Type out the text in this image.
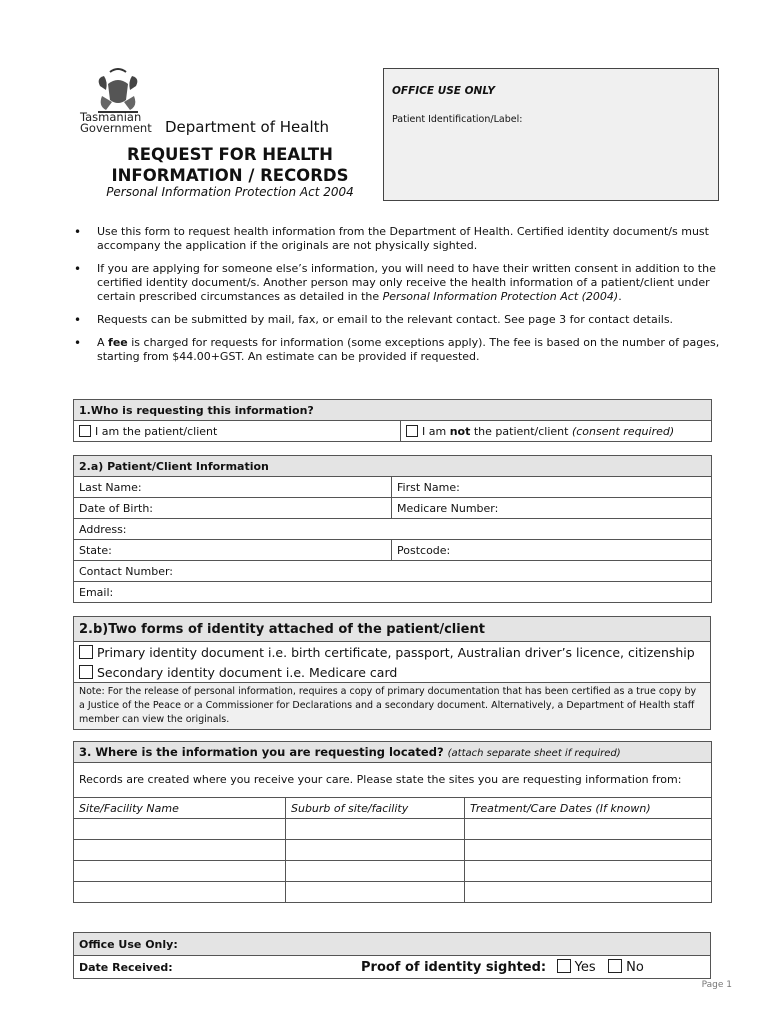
Tasmanian
Government Department of Health
REQUEST FOR HEALTH
INFORMATION / RECORDS
Personal Information Protection Act 2004
OFFICE USE ONLY
Patient Identification/Label:
• Use this form to request health information from the Department of Health. Certified identity document/s must accompany the application if the originals are not physically sighted.
• If you are applying for someone else’s information, you will need to have their written consent in addition to the certified identity document/s. Another person may only receive the health information of a patient/client under certain prescribed circumstances as detailed in the Personal Information Protection Act (2004).
• Requests can be submitted by mail, fax, or email to the relevant contact. See page 3 for contact details.
• A fee is charged for requests for information (some exceptions apply). The fee is based on the number of pages, starting from $44.00+GST. An estimate can be provided if requested.
1.Who is requesting this information?
I am the patient/client	I am not the patient/client (consent required)
2.a) Patient/Client Information	
Last Name:	First Name:
Date of Birth:	Medicare Number:
Address:	
State:	Postcode:
Contact Number:	
Email:	
2.b)Two forms of identity attached of the patient/client
Primary identity document i.e. birth certificate, passport, Australian driver’s licence, citizenship
Secondary identity document i.e. Medicare card
Note: For the release of personal information, requires a copy of primary documentation that has been certified as a true copy by a Justice of the Peace or a Commissioner for Declarations and a secondary document. Alternatively, a Department of Health staff member can view the originals.
3. Where is the information you are requesting located? (attach separate sheet if required)		
Records are created where you receive your care. Please state the sites you are requesting information from:		
Site/Facility Name	Suburb of site/facility	Treatment/Care Dates (If known)

Office Use Only:
Date Received:	Proof of identity sighted: Yes No
Page 1
